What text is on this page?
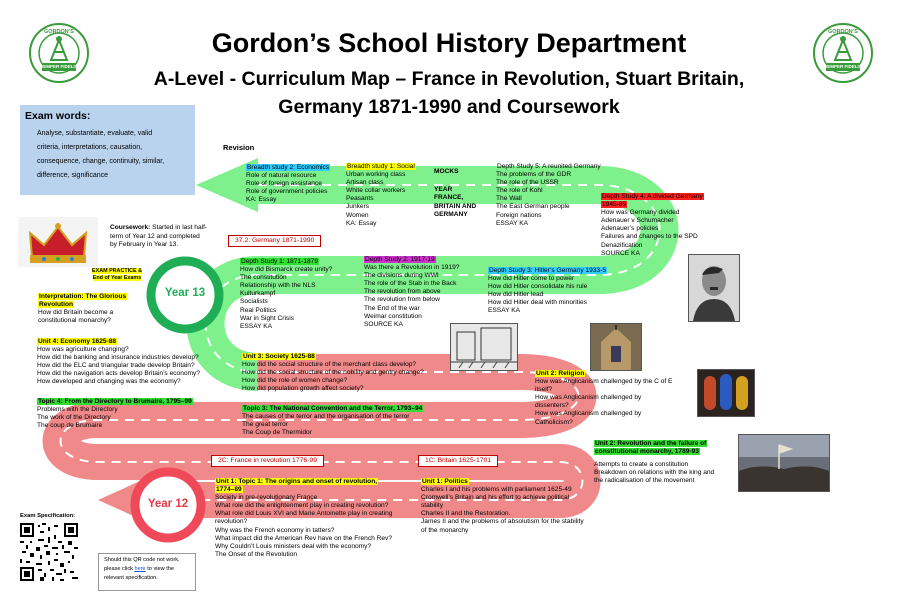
Year 13
Year 12
Gordon’s School History Department
A-Level - Curriculum Map – France in Revolution, Stuart Britain,
Germany 1871-1990 and Coursework
GORDON’S
SEMPER FIDELIS
GORDON’S
SEMPER FIDELIS
Exam words:
Analyse, substantiate, evaluate, valid
criteria, interpretations, causation,
consequence, change, continuity, similar,
difference, significance
Coursework: Started in last half-
term of Year 12 and completed
by February in Year 13.
Revision
Breadth study 2: Economics
Role of natural resource
Role of foreign assistance
Role of government policies
KA: Essay
Breadth study 1: Social
Urban working class
Artisan class
White collar workers
Peasants
Junkers
Women
KA: Essay
MOCKS
YEAR
FRANCE,
BRITAIN AND
GERMANY
Depth Study 5: A reunited Germany
The problems of the GDR
The role of the USSR
The role of Kohl
The Wall
The East German people
Foreign nations
ESSAY KA
Depth Study 4: A divided Germany
1945-89
How was Germany divided
Adenauer v Schumacher
Adenauer’s policies
Failures and changes to the SPD
Denazification
SOURCE KA
37.2: Germany 1871-1990
EXAM PRACTICE &
End of Year Exams
Depth Study 1: 1871-1879
How did Bismarck create unity?
The constitution
Relationship with the NLS
Kulturkampf
Socialists
Real Politics
War in Sight Crisis
ESSAY KA
Depth Study 2: 1917-19
Was there a Revolution in 1919?
The divisions during WWI
The role of the Stab in the Back
The revolution from above
The revolution from below
The End of the war
Weimar constitution
SOURCE KA
Depth Study 3: Hitler’s Germany 1933-5
How did Hitler come to power
How did Hitler consolidate his rule
How did Hitler lead
How did Hitler deal with minorities
ESSAY KA
Interpretation: The Glorious
Revolution
How did Britain become a
constitutional monarchy?
Unit 4: Economy 1625-88
How was agriculture changing?
How did the banking and insurance industries develop?
How did the ELC and triangular trade develop Britain?
How did the navigation acts develop Britain’s economy?
How developed and changing was the economy?
Unit 3: Society 1625-88
How did the social structure of the merchant class develop?
How did the social structure of the nobility and gentry change?
How did the role of women change?
How did population growth affect society?
Unit 2: Religion
How was Anglicanism challenged by the C of E
itself?
How was Anglicanism challenged by
dissenters?
How was Anglicanism challenged by
Catholicism?
Topic 4: From the Directory to Brumaire, 1795–99
Problems with the Directory
The work of the Directory
The coup de Brumaire
Topic 3: The National Convention and the Terror, 1793–94
The causes of the terror and the organisation of the terror
The great terror
The Coup de Thermidor
Unit 2: Revolution and the failure of
constitutional monarchy, 1789-93
Attempts to create a constitution
Breakdown on relations with the king and
the radicalisation of the movement
2C: France in revolution 1776-99	1C: Britain 1625-1701
Unit 1: Topic 1: The origins and onset of revolution,
1774–89
Society in pre-revolutionary France
What role did the enlightenment play in creating revolution?
What role did Louis XVI and Marie Antoinette play in creating
revolution?
Why was the French economy in tatters?
What impact did the American Rev have on the French Rev?
Why Couldn’t Louis ministers deal with the economy?
The Onset of the Revolution
Unit 1: Politics
Charles I and his problems with parliament 1625-49
Cromwell’s Britain and his effort to achieve political
stability
Charles II and the Restoration.
James II and the problems of absolutism for the stability
of the monarchy
Exam Specification:
Should this QR code not work,
please click here to view the
relevant specification.
